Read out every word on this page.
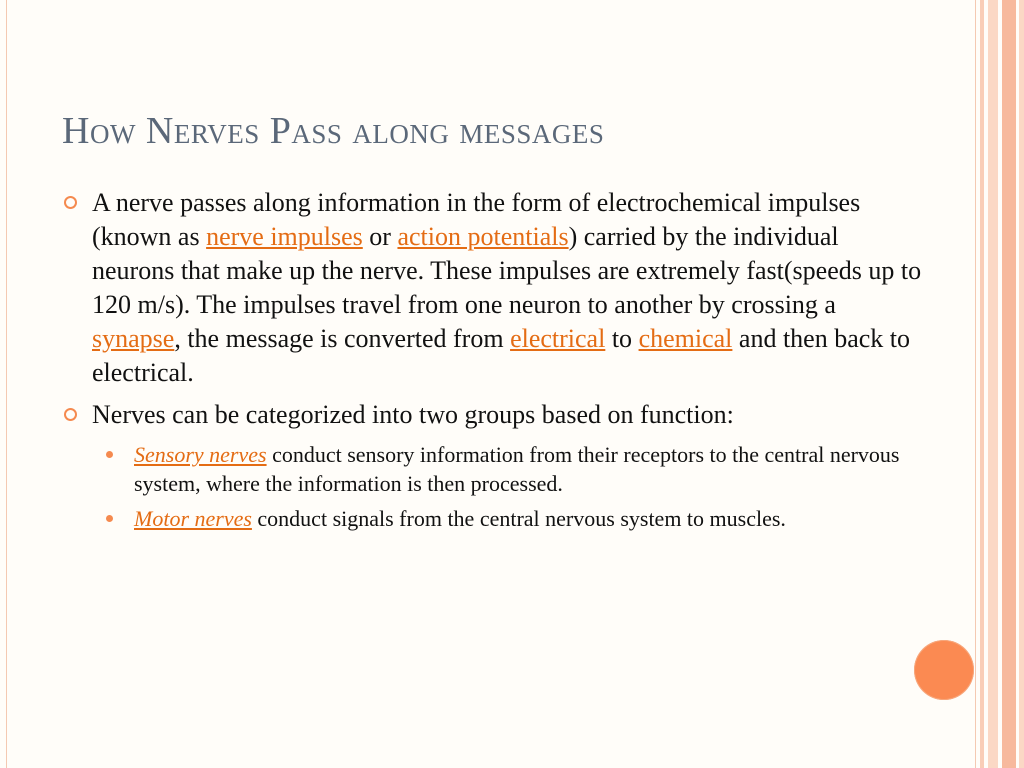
How Nerves Pass along messages
A nerve passes along information in the form of electrochemical impulses (known as nerve impulses or action potentials) carried by the individual neurons that make up the nerve. These impulses are extremely fast(speeds up to 120 m/s). The impulses travel from one neuron to another by crossing a synapse, the message is converted from electrical to chemical and then back to electrical.
Nerves can be categorized into two groups based on function:
Sensory nerves conduct sensory information from their receptors to the central nervous system, where the information is then processed.
Motor nerves conduct signals from the central nervous system to muscles.
